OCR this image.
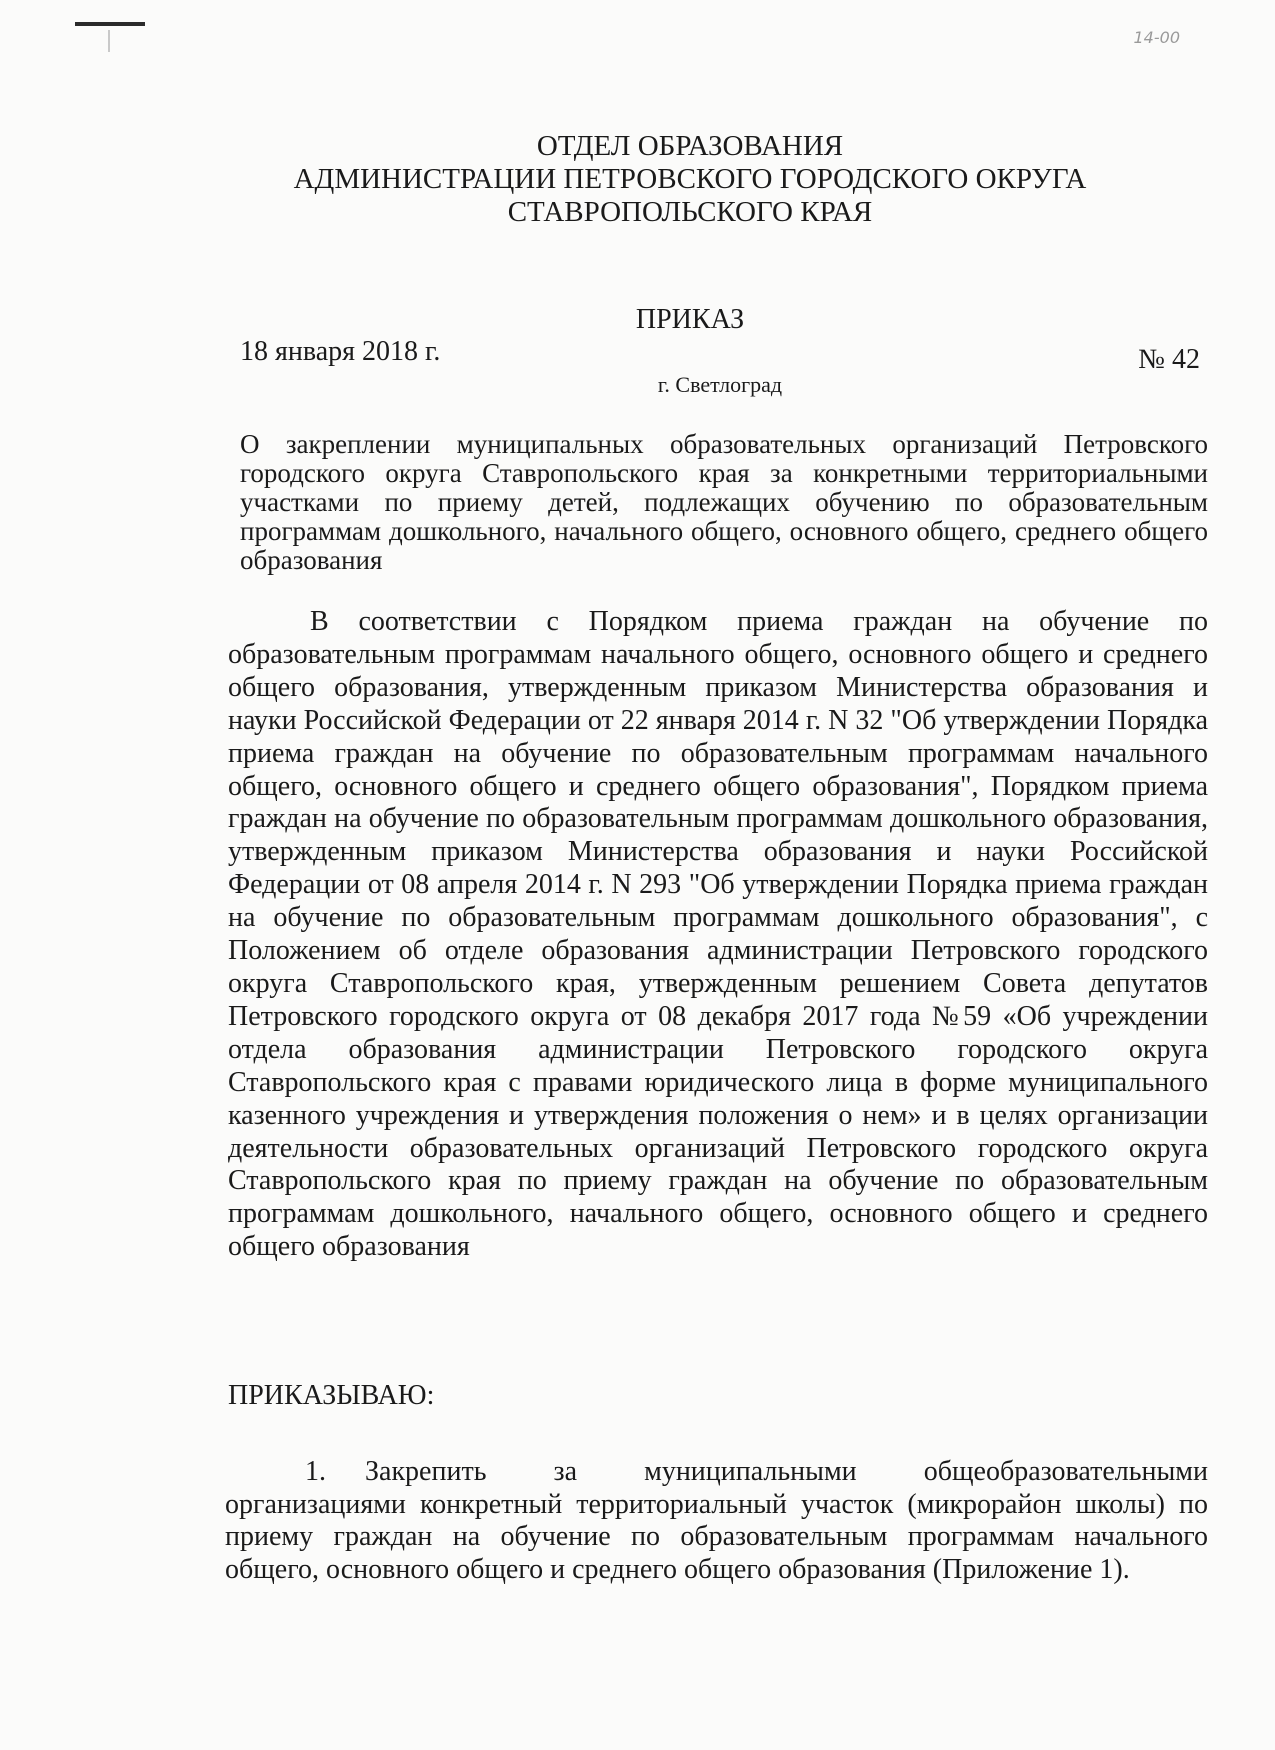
14-00
ОТДЕЛ ОБРАЗОВАНИЯ
АДМИНИСТРАЦИИ ПЕТРОВСКОГО ГОРОДСКОГО ОКРУГА
СТАВРОПОЛЬСКОГО КРАЯ
ПРИКАЗ
18 января 2018 г.	№ 42
г. Светлоград
О закреплении муниципальных образовательных организаций Петровского городского округа Ставропольского края за конкретными территориальными участками по приему детей, подлежащих обучению по образовательным программам дошкольного, начального общего, основного общего, среднего общего образования
В соответствии с Порядком приема граждан на обучение по образовательным программам начального общего, основного общего и среднего общего образования, утвержденным приказом Министерства образования и науки Российской Федерации от 22 января 2014 г. N 32 "Об утверждении Порядка приема граждан на обучение по образовательным программам начального общего, основного общего и среднего общего образования", Порядком приема граждан на обучение по образовательным программам дошкольного образования, утвержденным приказом Министерства образования и науки Российской Федерации от 08 апреля 2014 г. N 293 "Об утверждении Порядка приема граждан на обучение по образовательным программам дошкольного образования", с Положением об отделе образования администрации Петровского городского округа Ставропольского края, утвержденным решением Совета депутатов Петровского городского округа от 08 декабря 2017 года №59 «Об учреждении отдела образования администрации Петровского городского округа Ставропольского края с правами юридического лица в форме муниципального казенного учреждения и утверждения положения о нем» и в целях организации деятельности образовательных организаций Петровского городского округа Ставропольского края по приему граждан на обучение по образовательным программам дошкольного, начального общего, основного общего и среднего общего образования
ПРИКАЗЫВАЮ:
1. Закрепить за муниципальными общеобразовательными организациями конкретный территориальный участок (микрорайон школы) по приему граждан на обучение по образовательным программам начального общего, основного общего и среднего общего образования (Приложение 1).
